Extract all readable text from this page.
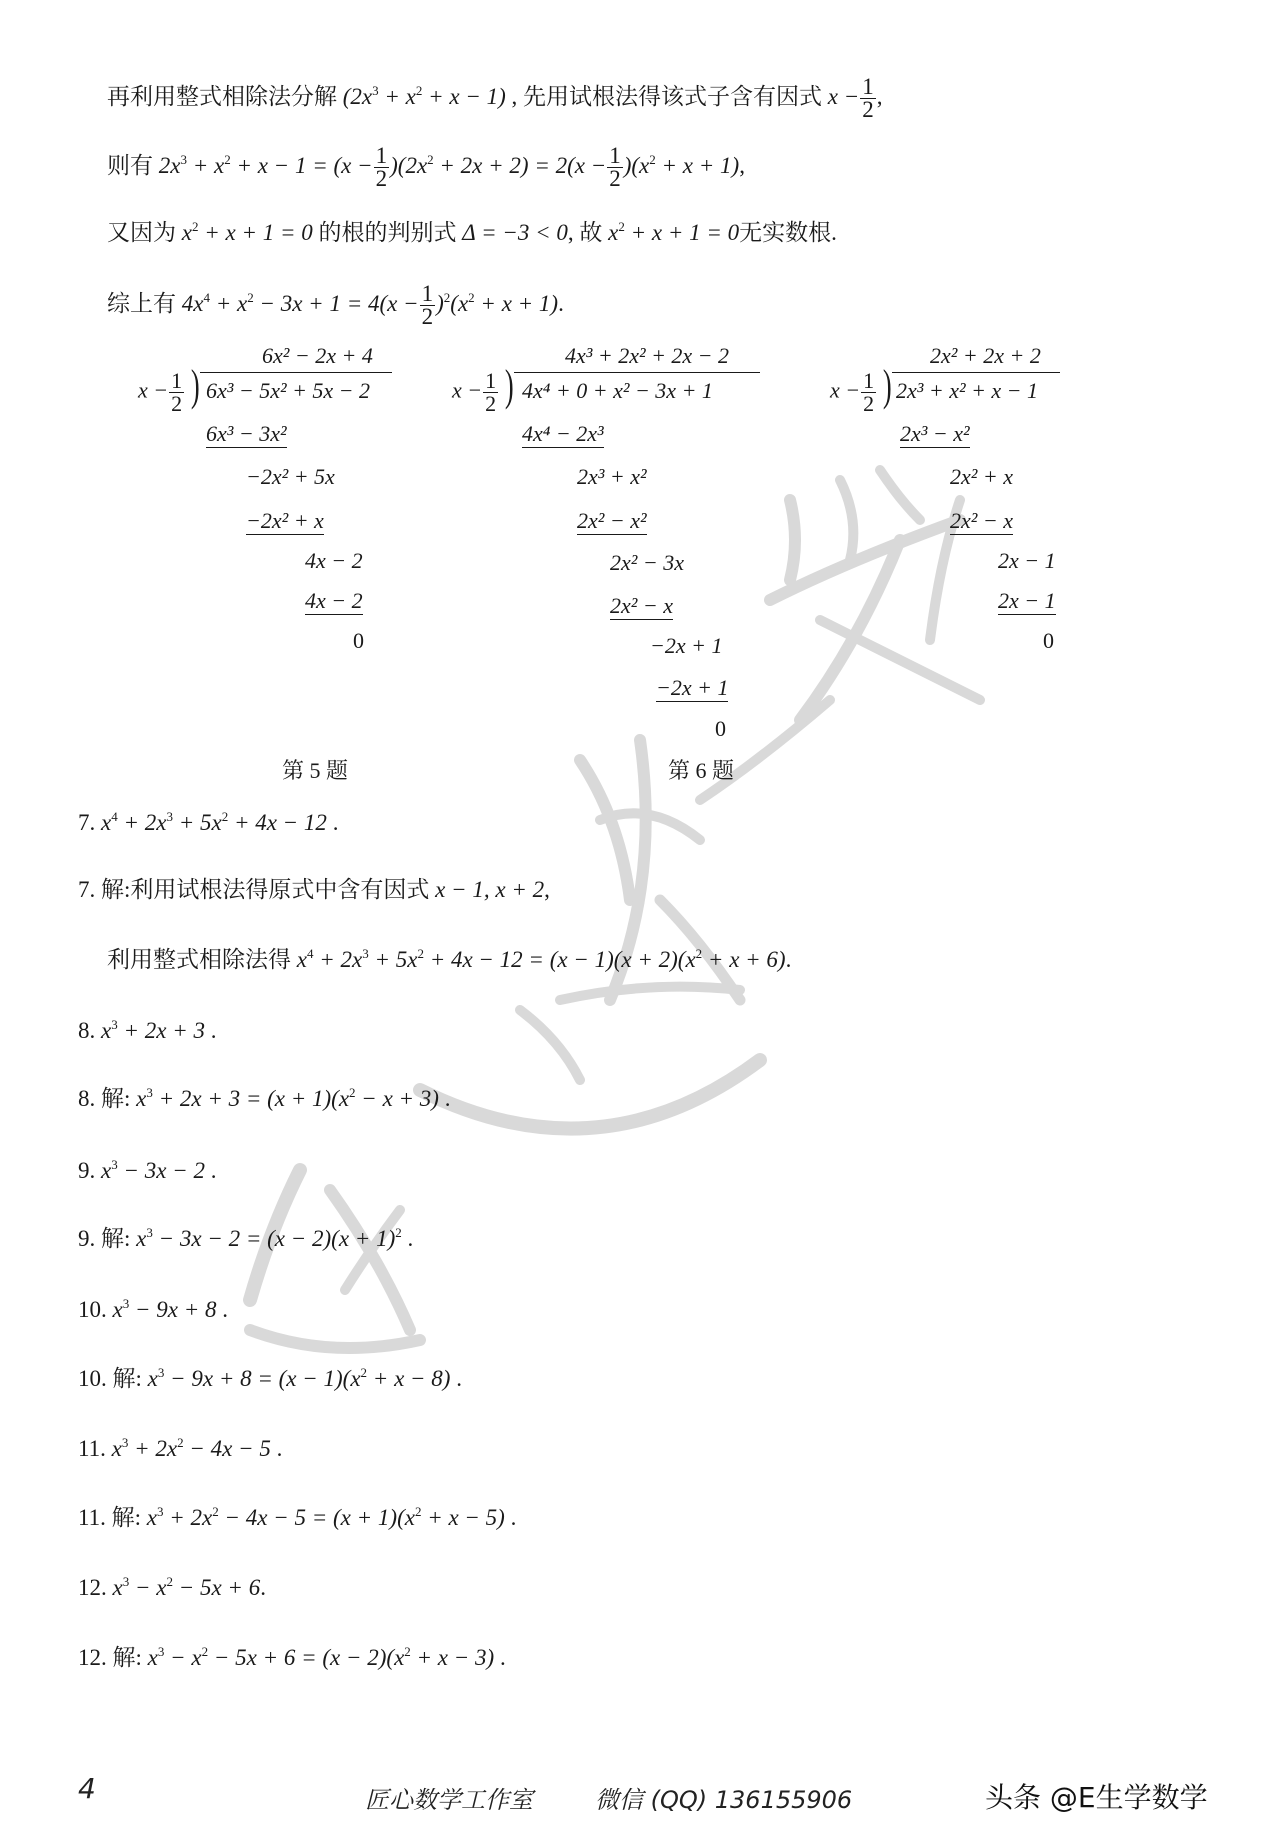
再利用整式相除法分解 $(2x^3 + x^2 + x - 1)$ , 先用试根法得该式子含有因式 $x - \frac{1}{2}$ ,
则有 $2x^3 + x^2 + x - 1 = (x - \frac{1}{2} )(2x^2 + 2x + 2) = 2(x - \frac{1}{2} )(x^2 + x + 1)$,
又因为 $x^2 + x + 1 = 0$ 的根的判别式 Δ = −3 < 0, 故 $x^2 + x + 1 = 0$无实数根.
综上有 $4x^4 + x^2 - 3x + 1 = 4(x - \frac{1}{2} )^2(x^2 + x + 1)$.
$x - \frac{1}{2}$ )
6x² − 2x + 4
6x³ − 5x² + 5x − 2
6x³ − 3x²
−2x² + 5x
−2x² + x
4x − 2
4x − 2
0
$x - \frac{1}{2}$ )
4x³ + 2x² + 2x − 2
4x⁴ + 0 + x² − 3x + 1
4x⁴ − 2x³
2x³ + x²
2x² − x²
2x² − 3x
2x² − x
−2x + 1
−2x + 1
0
$x - \frac{1}{2}$ )
2x² + 2x + 2
2x³ + x² + x − 1
2x³ − x²
2x² + x
2x² − x
2x − 1
2x − 1
0
第 5 题	第 6 题
7. $x^4 + 2x^3 + 5x^2 + 4x - 12$ .
7. 解:利用试根法得原式中含有因式 x − 1, x + 2,
利用整式相除法得 $x^4 + 2x^3 + 5x^2 + 4x - 12 = (x - 1)(x + 2)(x^2 + x + 6)$.
8. $x^3 + 2x + 3$ .
8. 解: $x^3 + 2x + 3 = (x + 1)(x^2 - x + 3)$ .
9. $x^3 - 3x - 2$ .
9. 解: $x^3 - 3x - 2 = (x - 2)(x + 1)^2$ .
10. $x^3 - 9x + 8$ .
10. 解: $x^3 - 9x + 8 = (x - 1)(x^2 + x - 8)$ .
11. $x^3 + 2x^2 - 4x - 5$ .
11. 解: $x^3 + 2x^2 - 4x - 5 = (x + 1)(x^2 + x - 5)$ .
12. $x^3 - x^2 - 5x + 6$.
12. 解: $x^3 - x^2 - 5x + 6 = (x - 2)(x^2 + x - 3)$ .
4	匠心数学工作室	微信 (QQ) 136155906	头条 @E生学数学
